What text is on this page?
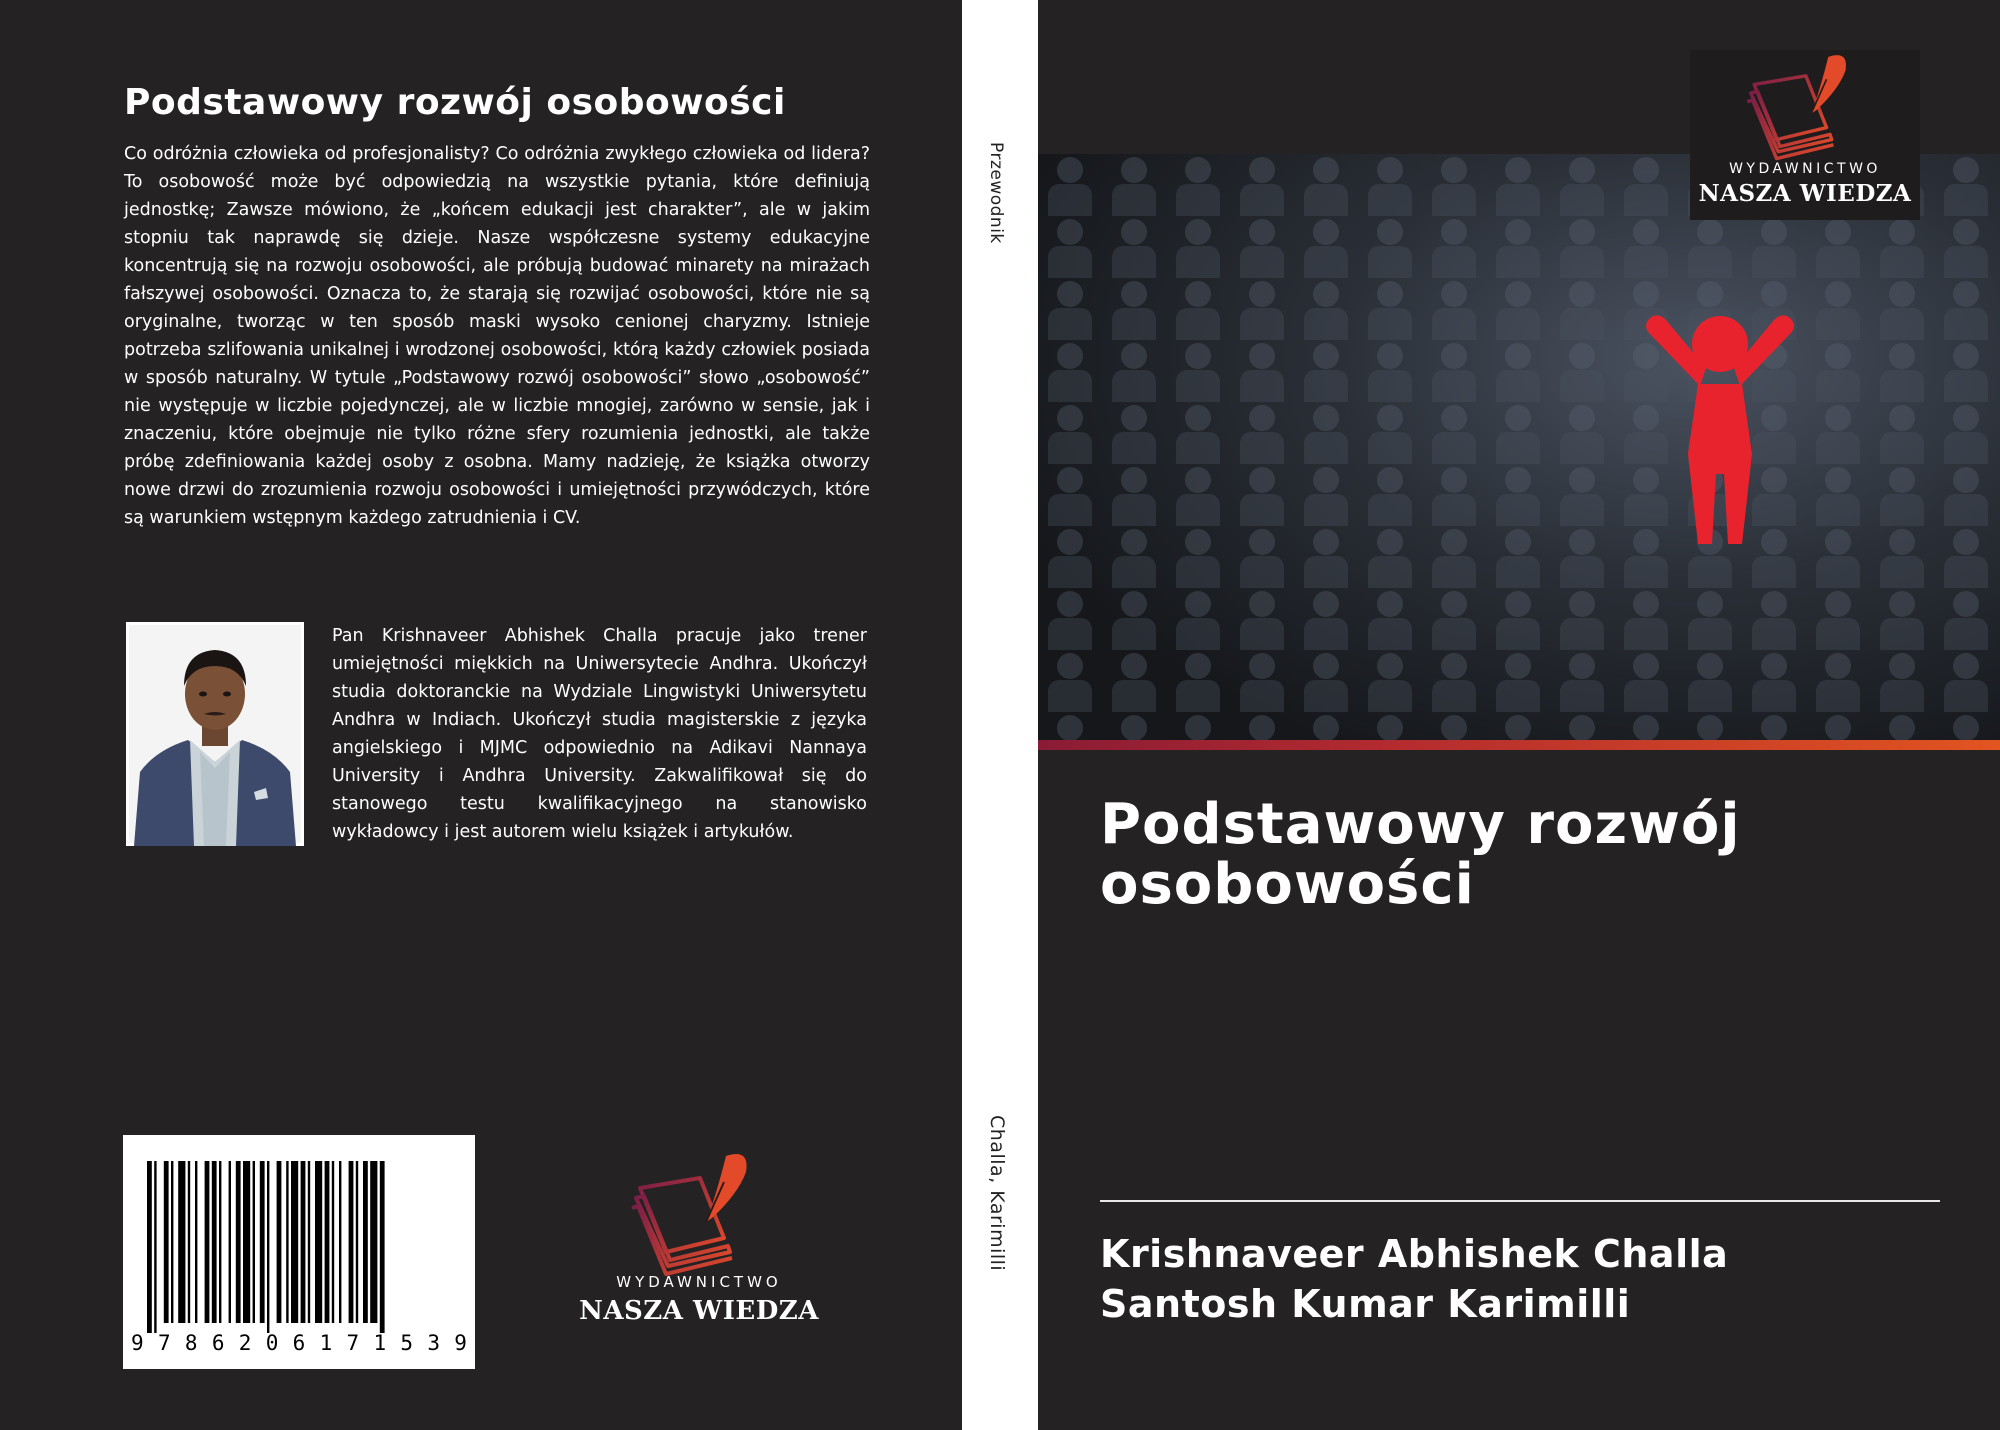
Podstawowy rozwój osobowości
Co odróżnia człowieka od profesjonalisty? Co odróżnia zwykłego człowieka od lidera? To osobowość może być odpowiedzią na wszystkie pytania, które definiują jednostkę; Zawsze mówiono, że „końcem edukacji jest charakter”, ale w jakim stopniu tak naprawdę się dzieje. Nasze współczesne systemy edukacyjne koncentrują się na rozwoju osobowości, ale próbują budować minarety na mirażach fałszywej osobowości. Oznacza to, że starają się rozwijać osobowości, które nie są oryginalne, tworząc w ten sposób maski wysoko cenionej charyzmy. Istnieje potrzeba szlifowania unikalnej i wrodzonej osobowości, którą każdy człowiek posiada w sposób naturalny. W tytule „Podstawowy rozwój osobowości” słowo „osobowość” nie występuje w liczbie pojedynczej, ale w liczbie mnogiej, zarówno w sensie, jak i znaczeniu, które obejmuje nie tylko różne sfery rozumienia jednostki, ale także próbę zdefiniowania każdej osoby z osobna. Mamy nadzieję, że książka otworzy nowe drzwi do zrozumienia rozwoju osobowości i umiejętności przywódczych, które są warunkiem wstępnym każdego zatrudnienia i CV.
Pan Krishnaveer Abhishek Challa pracuje jako trener umiejętności miękkich na Uniwersytecie Andhra. Ukończył studia doktoranckie na Wydziale Lingwistyki Uniwersytetu Andhra w Indiach. Ukończył studia magisterskie z języka angielskiego i MJMC odpowiednio na Adikavi Nannaya University i Andhra University. Zakwalifikował się do stanowego testu kwalifikacyjnego na stanowisko wykładowcy i jest autorem wielu książek i artykułów.
9 7 8 6 2 0 6 1 7 1 5 3 9
WYDAWNICTWO
NASZA WIEDZA
Przewodnik
Challa, Karimilli
WYDAWNICTWO
NASZA WIEDZA
Podstawowy rozwój osobowości
Krishnaveer Abhishek Challa
Santosh Kumar Karimilli
